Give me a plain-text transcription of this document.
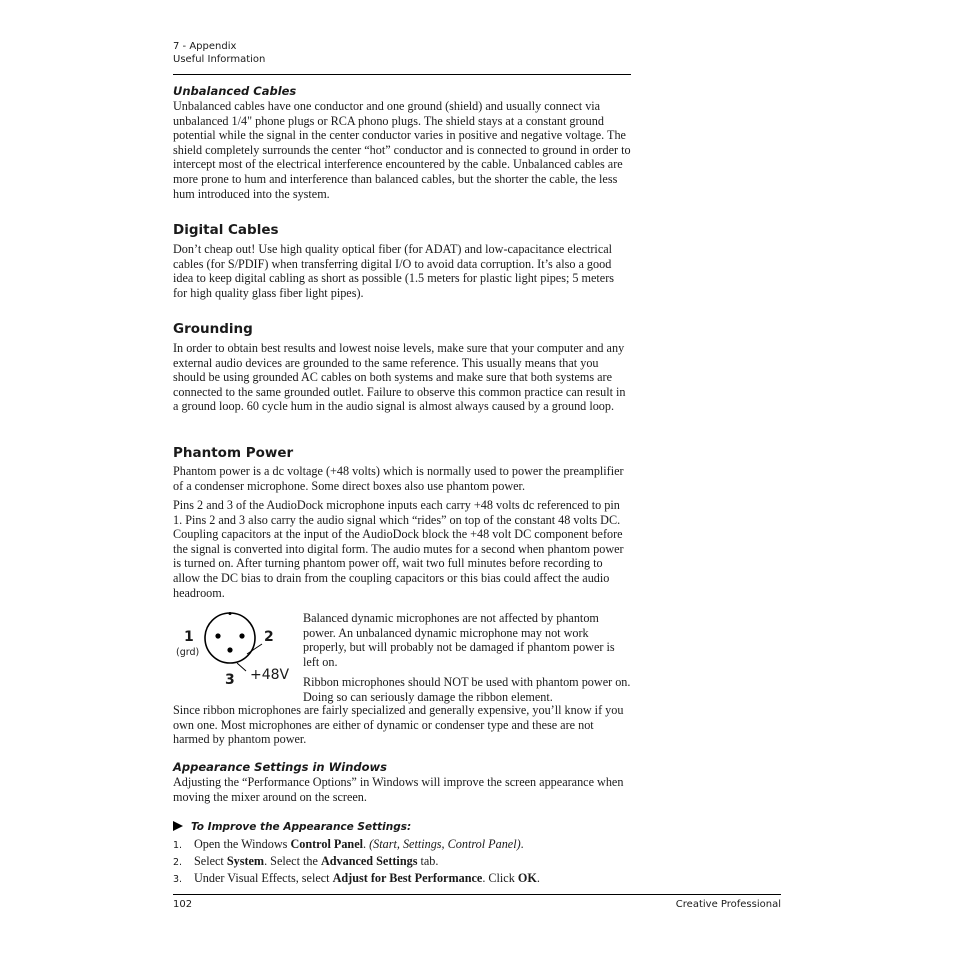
7 - Appendix
Useful Information
Unbalanced Cables

Unbalanced cables have one conductor and one ground (shield) and usually connect via unbalanced 1/4" phone plugs or RCA phono plugs. The shield stays at a constant ground potential while the signal in the center conductor varies in positive and negative voltage. The shield completely surrounds the center “hot” conductor and is connected to ground in order to intercept most of the electrical interference encountered by the cable. Unbalanced cables are more prone to hum and interference than balanced cables, but the shorter the cable, the less hum introduced into the system.

Digital Cables

Don’t cheap out! Use high quality optical fiber (for ADAT) and low-capacitance electrical cables (for S/PDIF) when transferring digital I/O to avoid data corruption. It’s also a good idea to keep digital cabling as short as possible (1.5 meters for plastic light pipes; 5 meters for high quality glass fiber light pipes).

Grounding

In order to obtain best results and lowest noise levels, make sure that your computer and any external audio devices are grounded to the same reference. This usually means that you should be using grounded AC cables on both systems and make sure that both systems are connected to the same grounded outlet. Failure to observe this common practice can result in a ground loop. 60 cycle hum in the audio signal is almost always caused by a ground loop.

Phantom Power

Phantom power is a dc voltage (+48 volts) which is normally used to power the preamplifier of a condenser microphone. Some direct boxes also use phantom power.

Pins 2 and 3 of the AudioDock microphone inputs each carry +48 volts dc referenced to pin 1. Pins 2 and 3 also carry the audio signal which “rides” on top of the constant 48 volts DC. Coupling capacitors at the input of the AudioDock block the +48 volt DC component before the signal is converted into digital form. The audio mutes for a second when phantom power is turned on. After turning phantom power off, wait two full minutes before recording to allow the DC bias to drain from the coupling capacitors or this bias could affect the audio headroom.

1
(grd)
2
3 +48V

Balanced dynamic microphones are not affected by phantom power. An unbalanced dynamic microphone may not work properly, but will probably not be damaged if phantom power is left on.

Ribbon microphones should NOT be used with phantom power on. Doing so can seriously damage the ribbon element.

Since ribbon microphones are fairly specialized and generally expensive, you’ll know if you own one. Most microphones are either of dynamic or condenser type and these are not harmed by phantom power.

Appearance Settings in Windows

Adjusting the “Performance Options” in Windows will improve the screen appearance when moving the mixer around on the screen.

To Improve the Appearance Settings:
1. Open the Windows Control Panel. (Start, Settings, Control Panel).
2. Select System. Select the Advanced Settings tab.
3. Under Visual Effects, select Adjust for Best Performance. Click OK.
102	Creative Professional
